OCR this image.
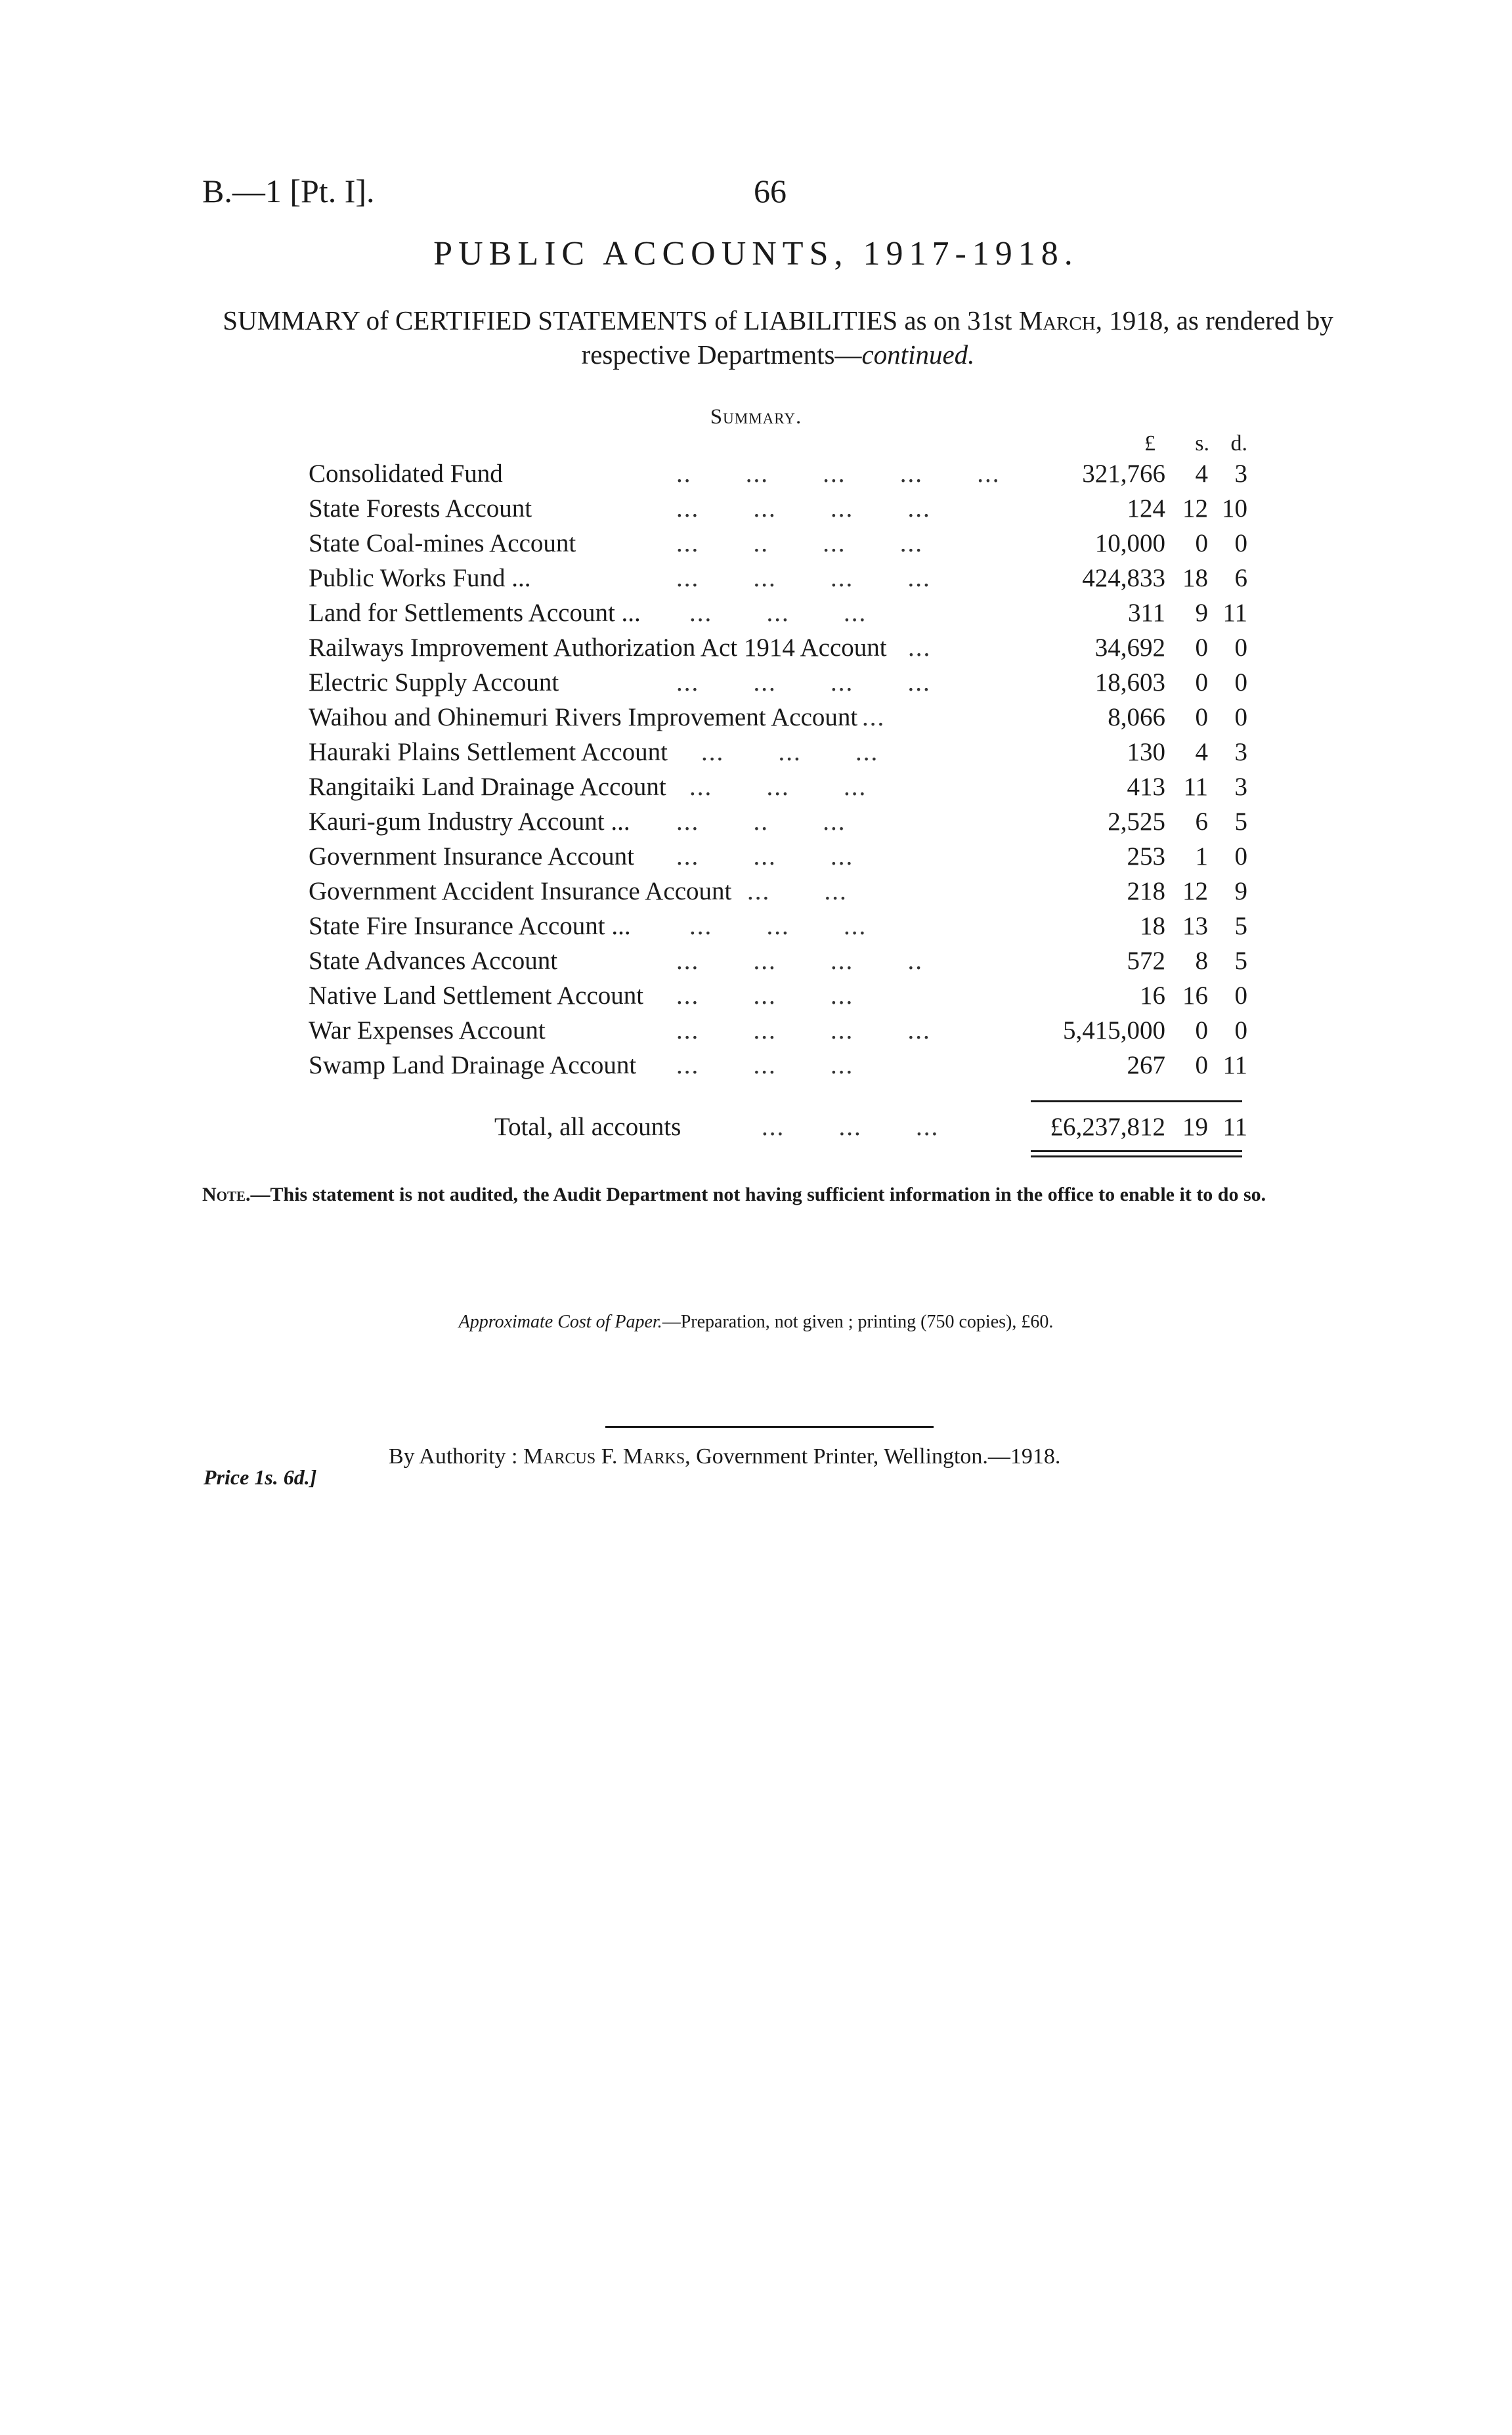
B.—1 [Pt. I].	66
PUBLIC ACCOUNTS, 1917-1918.
SUMMARY of CERTIFIED STATEMENTS of LIABILITIES as on 31st March, 1918, as rendered by respective Departments—continued.
Summary.
£	s. d.
Consolidated Fund	..       ...       ...       ...       ...	321,766	4	3
State Forests Account	...       ...       ...       ...	124 12 10
State Coal-mines Account	...       ..       ...       ...	10,000	0	0
Public Works Fund ...	...       ...       ...       ...	424,833 18	6
Land for Settlements Account ... ...       ...       ...	311	9 11
Railways Improvement Authorization Act 1914 Account ...	34,692	0	0
Electric Supply Account	...       ...       ...       ...	18,603	0	0
Waihou and Ohinemuri Rivers Improvement Account ...	8,066	0	0
Hauraki Plains Settlement Account ...       ...       ...	130	4	3
Rangitaiki Land Drainage Account ...       ...       ...	413 11	3
Kauri-gum Industry Account ... ...       ..       ...	2,525	6	5
Government Insurance Account ...       ...       ...	253	1	0
Government Accident Insurance Account ...       ...	218 12	9
State Fire Insurance Account ... ...       ...       ...	18 13	5
State Advances Account	...       ...       ...       ..	572	8	5
Native Land Settlement Account ...       ...       ...	16 16	0
War Expenses Account	...       ...       ...       ...	5,415,000	0	0
Swamp Land Drainage Account ...       ...       ...	267	0 11
Total, all accounts	...       ...       ...	£6,237,812 19 11
Note.—This statement is not audited, the Audit Department not having sufficient information in the office to enable it to do so.
Approximate Cost of Paper.—Preparation, not given ; printing (750 copies), £60.
By Authority : Marcus F. Marks, Government Printer, Wellington.—1918.
Price 1s. 6d.]
